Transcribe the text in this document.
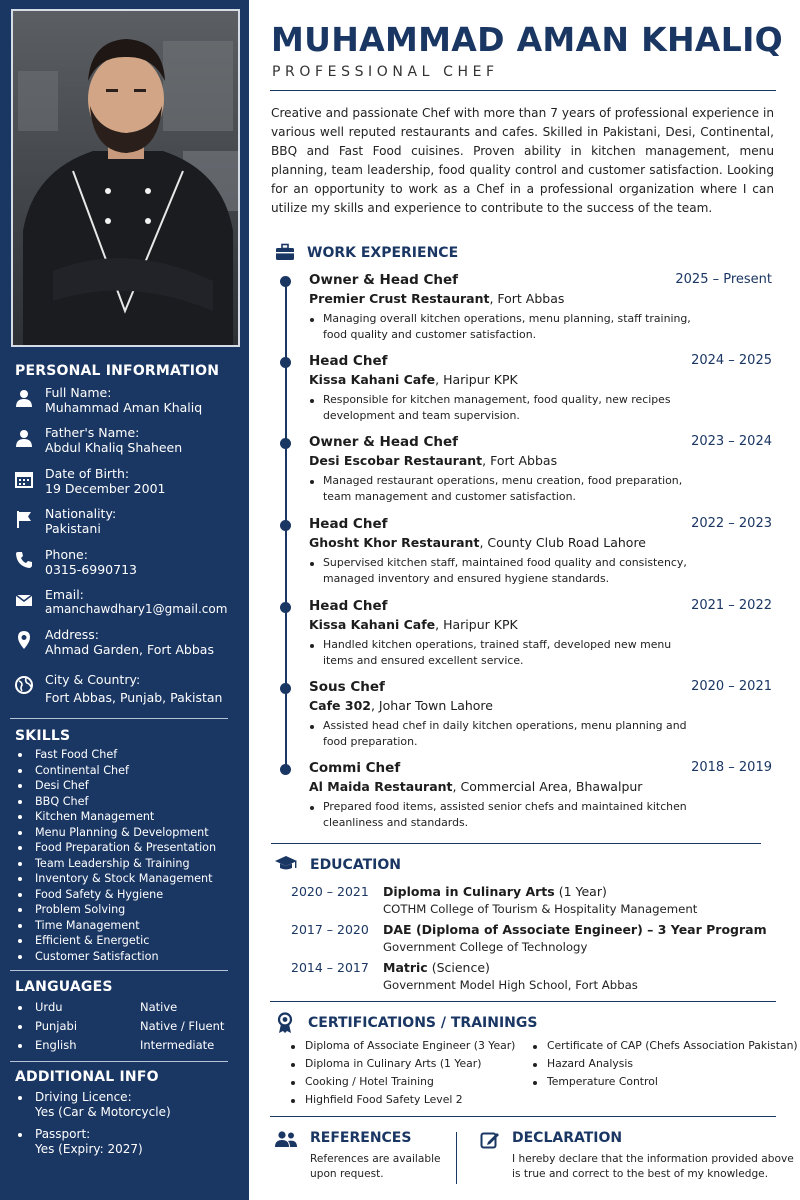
PERSONAL INFORMATION
Full Name:
Muhammad Aman Khaliq
Father's Name:
Abdul Khaliq Shaheen
Date of Birth:
19 December 2001
Nationality:
Pakistani
Phone:
0315-6990713
Email:
amanchawdhary1@gmail.com
Address:
Ahmad Garden, Fort Abbas
City & Country:
Fort Abbas, Punjab, Pakistan
SKILLS
Fast Food Chef
Continental Chef
Desi Chef
BBQ Chef
Kitchen Management
Menu Planning & Development
Food Preparation & Presentation
Team Leadership & Training
Inventory & Stock Management
Food Safety & Hygiene
Problem Solving
Time Management
Efficient & Energetic
Customer Satisfaction
LANGUAGES
Urdu	Native
Punjabi	Native / Fluent
English	Intermediate
ADDITIONAL INFO
Driving Licence:
Yes (Car & Motorcycle)
Passport:
Yes (Expiry: 2027)
MUHAMMAD AMAN KHALIQ
PROFESSIONAL CHEF
Creative and passionate Chef with more than 7 years of professional experience in various well reputed restaurants and cafes. Skilled in Pakistani, Desi, Continental, BBQ and Fast Food cuisines. Proven ability in kitchen management, menu planning, team leadership, food quality control and customer satisfaction. Looking for an opportunity to work as a Chef in a professional organization where I can utilize my skills and experience to contribute to the success of the team.
WORK EXPERIENCE
Owner & Head Chef	2025 – Present
Premier Crust Restaurant, Fort Abbas
Managing overall kitchen operations, menu planning, staff training, food quality and customer satisfaction.
Head Chef	2024 – 2025
Kissa Kahani Cafe, Haripur KPK
Responsible for kitchen management, food quality, new recipes development and team supervision.
Owner & Head Chef	2023 – 2024
Desi Escobar Restaurant, Fort Abbas
Managed restaurant operations, menu creation, food preparation, team management and customer satisfaction.
Head Chef	2022 – 2023
Ghosht Khor Restaurant, County Club Road Lahore
Supervised kitchen staff, maintained food quality and consistency, managed inventory and ensured hygiene standards.
Head Chef	2021 – 2022
Kissa Kahani Cafe, Haripur KPK
Handled kitchen operations, trained staff, developed new menu items and ensured excellent service.
Sous Chef	2020 – 2021
Cafe 302, Johar Town Lahore
Assisted head chef in daily kitchen operations, menu planning and food preparation.
Commi Chef	2018 – 2019
Al Maida Restaurant, Commercial Area, Bhawalpur
Prepared food items, assisted senior chefs and maintained kitchen cleanliness and standards.
EDUCATION
2020 – 2021 Diploma in Culinary Arts (1 Year)
COTHM College of Tourism & Hospitality Management
2017 – 2020 DAE (Diploma of Associate Engineer) – 3 Year Program
Government College of Technology
2014 – 2017 Matric (Science)
Government Model High School, Fort Abbas
CERTIFICATIONS / TRAININGS
Diploma of Associate Engineer (3 Year)
Diploma in Culinary Arts (1 Year)
Cooking / Hotel Training
Highfield Food Safety Level 2
Certificate of CAP (Chefs Association Pakistan)
Hazard Analysis
Temperature Control
REFERENCES
References are available
upon request.
DECLARATION
I hereby declare that the information provided above
is true and correct to the best of my knowledge.
